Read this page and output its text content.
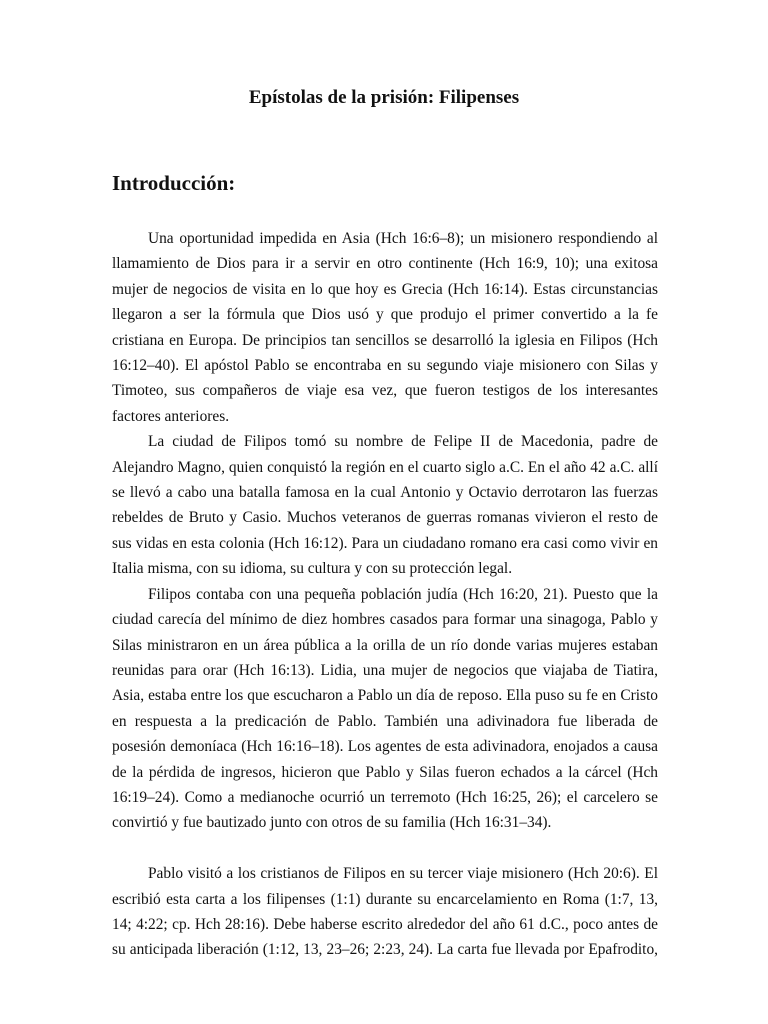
Epístolas de la prisión: Filipenses
Introducción:

Una oportunidad impedida en Asia (Hch 16:6–8); un misionero respondiendo al llamamiento de Dios para ir a servir en otro continente (Hch 16:9, 10); una exitosa mujer de negocios de visita en lo que hoy es Grecia (Hch 16:14). Estas circunstancias llegaron a ser la fórmula que Dios usó y que produjo el primer convertido a la fe cristiana en Europa. De principios tan sencillos se desarrolló la iglesia en Filipos (Hch 16:12–40). El apóstol Pablo se encontraba en su segundo viaje misionero con Silas y Timoteo, sus compañeros de viaje esa vez, que fueron testigos de los interesantes factores anteriores.

La ciudad de Filipos tomó su nombre de Felipe II de Macedonia, padre de Alejandro Magno, quien conquistó la región en el cuarto siglo a.C. En el año 42 a.C. allí se llevó a cabo una batalla famosa en la cual Antonio y Octavio derrotaron las fuerzas rebeldes de Bruto y Casio. Muchos veteranos de guerras romanas vivieron el resto de sus vidas en esta colonia (Hch 16:12). Para un ciudadano romano era casi como vivir en Italia misma, con su idioma, su cultura y con su protección legal.

Filipos contaba con una pequeña población judía (Hch 16:20, 21). Puesto que la ciudad carecía del mínimo de diez hombres casados para formar una sinagoga, Pablo y Silas ministraron en un área pública a la orilla de un río donde varias mujeres estaban reunidas para orar (Hch 16:13). Lidia, una mujer de negocios que viajaba de Tiatira, Asia, estaba entre los que escucharon a Pablo un día de reposo. Ella puso su fe en Cristo en respuesta a la predicación de Pablo. También una adivinadora fue liberada de posesión demoníaca (Hch 16:16–18). Los agentes de esta adivinadora, enojados a causa de la pérdida de ingresos, hicieron que Pablo y Silas fueron echados a la cárcel (Hch 16:19–24). Como a medianoche ocurrió un terremoto (Hch 16:25, 26); el carcelero se convirtió y fue bautizado junto con otros de su familia (Hch 16:31–34).

Pablo visitó a los cristianos de Filipos en su tercer viaje misionero (Hch 20:6). El escribió esta carta a los filipenses (1:1) durante su encarcelamiento en Roma (1:7, 13, 14; 4:22; cp. Hch 28:16). Debe haberse escrito alrededor del año 61 d.C., poco antes de su anticipada liberación (1:12, 13, 23–26; 2:23, 24). La carta fue llevada por Epafrodito,
